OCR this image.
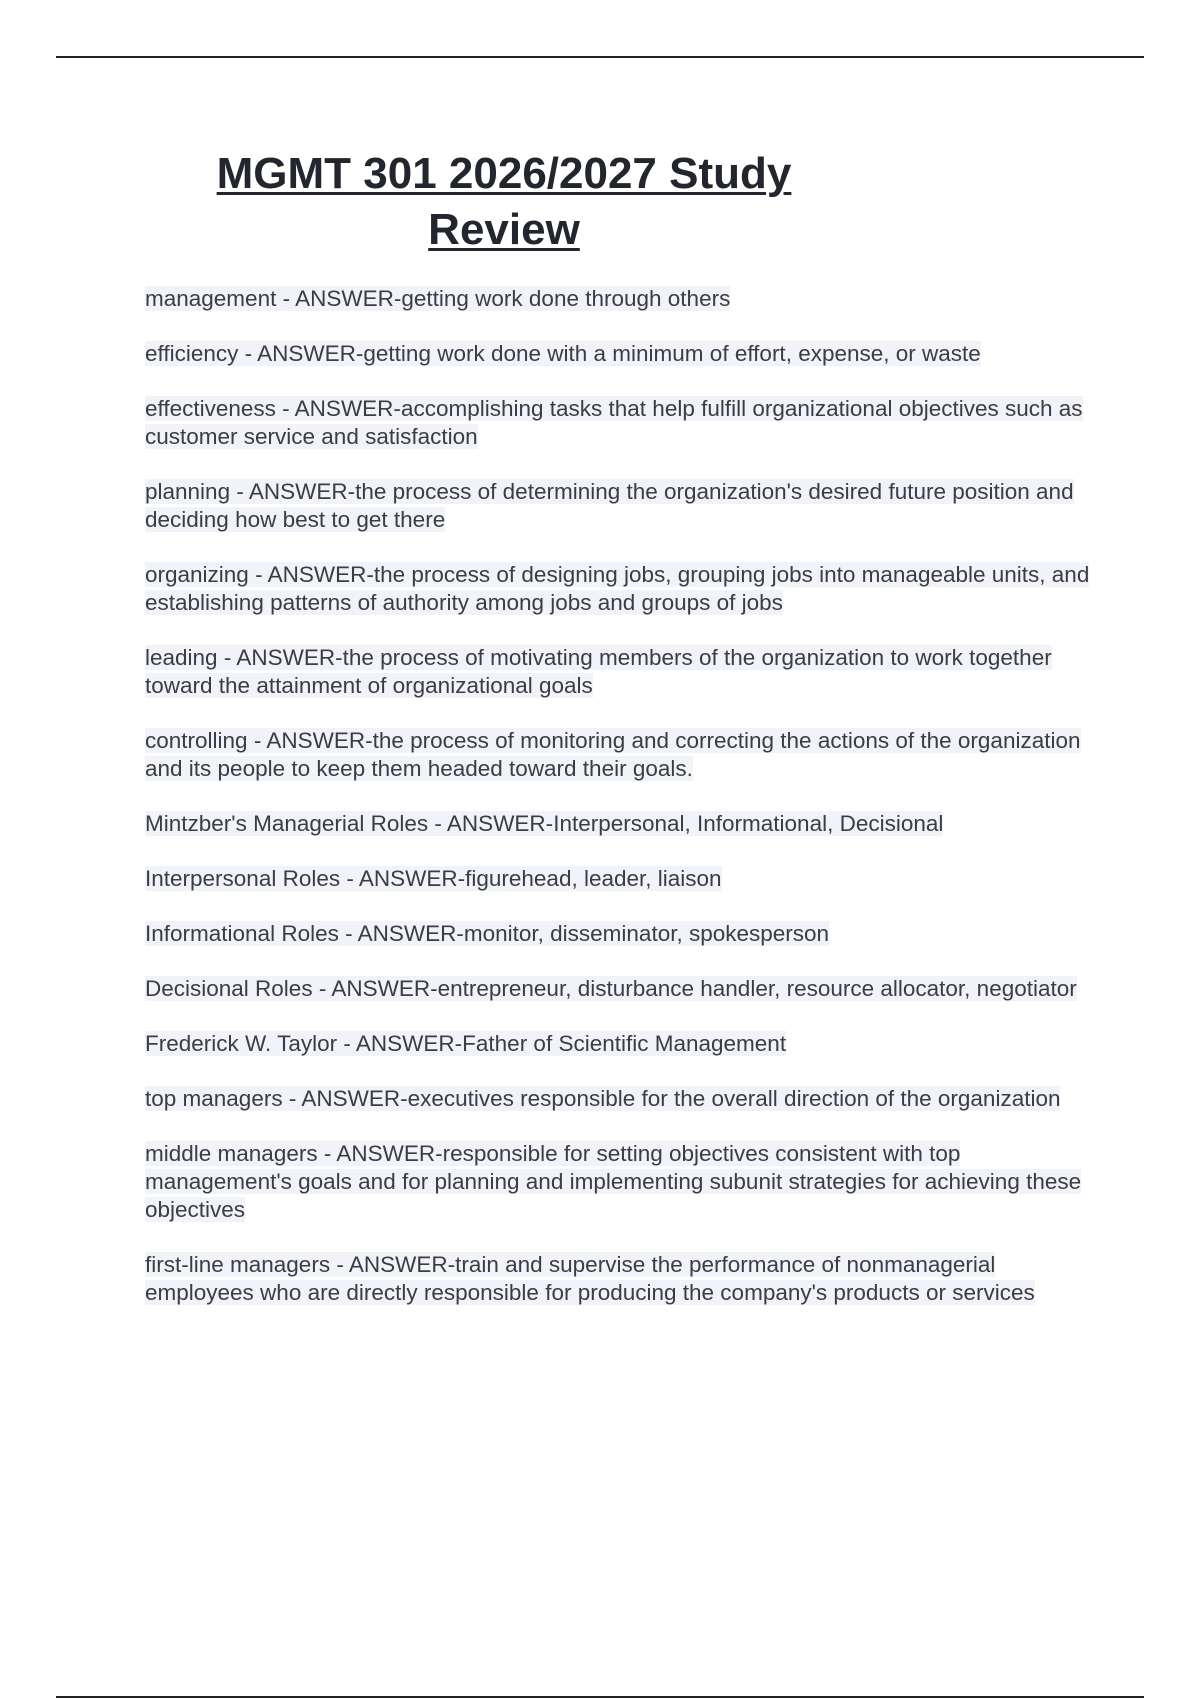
MGMT 301 2026/2027 Study
Review

management - ANSWER-getting work done through others

efficiency - ANSWER-getting work done with a minimum of effort, expense, or waste

effectiveness - ANSWER-accomplishing tasks that help fulfill organizational objectives such as customer service and satisfaction

planning - ANSWER-the process of determining the organization's desired future position and deciding how best to get there

organizing - ANSWER-the process of designing jobs, grouping jobs into manageable units, and establishing patterns of authority among jobs and groups of jobs

leading - ANSWER-the process of motivating members of the organization to work together toward the attainment of organizational goals

controlling - ANSWER-the process of monitoring and correcting the actions of the organization and its people to keep them headed toward their goals.

Mintzber's Managerial Roles - ANSWER-Interpersonal, Informational, Decisional

Interpersonal Roles - ANSWER-figurehead, leader, liaison

Informational Roles - ANSWER-monitor, disseminator, spokesperson

Decisional Roles - ANSWER-entrepreneur, disturbance handler, resource allocator, negotiator

Frederick W. Taylor - ANSWER-Father of Scientific Management

top managers - ANSWER-executives responsible for the overall direction of the organization

middle managers - ANSWER-responsible for setting objectives consistent with top management's goals and for planning and implementing subunit strategies for achieving these objectives

first-line managers - ANSWER-train and supervise the performance of nonmanagerial employees who are directly responsible for producing the company's products or services
